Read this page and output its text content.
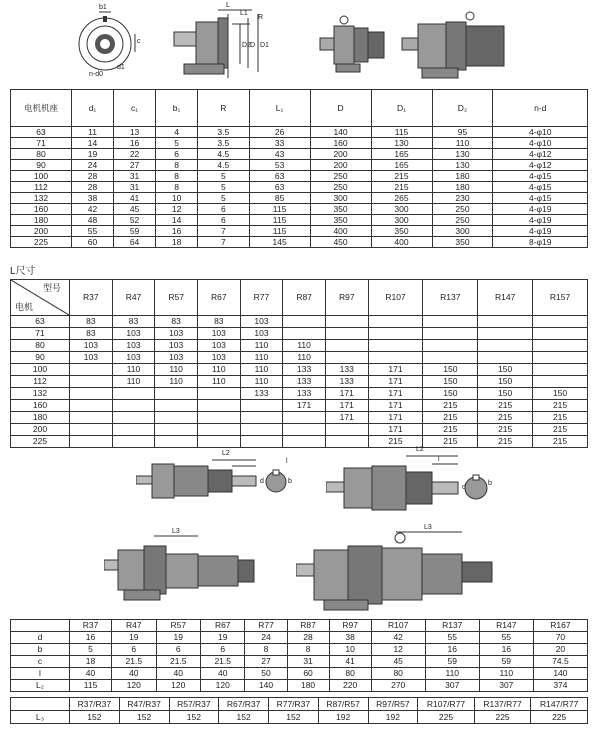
b1
c
d1
n-d0
L
L1
R
D2 D D1
电机机座	d₁	c₁	b₁	R	L₁	D	D₁	D₂	n-d
63	11	13	4	3.5	26	140	115	95	4-φ10
71	14	16	5	3.5	33	160	130	110	4-φ10
80	19	22	6	4.5	43	200	165	130	4-φ12
90	24	27	8	4.5	53	200	165	130	4-φ12
100	28	31	8	5	63	250	215	180	4-φ15
112	28	31	8	5	63	250	215	180	4-φ15
132	38	41	10	5	85	300	265	230	4-φ15
160	42	45	12	6	115	350	300	250	4-φ19
180	48	52	14	6	115	350	300	250	4-φ19
200	55	59	16	7	115	400	350	300	4-φ19
225	60	64	18	7	145	450	400	350	8-φ19
L尺寸
型号
电机	R37	R47	R57	R67	R77	R87	R97	R107	R137	R147	R157
63	83	83	83	83	103						
71	83	103	103	103	103						
80	103	103	103	103	110	110					
90	103	103	103	103	110	110					
100		110	110	110	110	133	133	171	150	150	
112		110	110	110	110	133	133	171	150	150	
132					133	133	171	171	150	150	150
160						171	171	171	215	215	215
180							171	171	215	215	215
200								171	215	215	215
225								215	215	215	215
L2
l
d	b
L2
l
d
b
L3
L3
	R37	R47	R57	R67	R77	R87	R97	R107	R137	R147	R167
d	16	19	19	19	24	28	38	42	55	55	70
b	5	6	6	6	8	8	10	12	16	16	20
c	18	21.5	21.5	21.5	27	31	41	45	59	59	74.5
l	40	40	40	40	50	60	80	80	110	110	140
L₂	115	120	120	120	140	180	220	270	307	307	374
	R37/R37	R47/R37	R57/R37	R67/R37	R77/R37	R87/R57	R97/R57	R107/R77	R137/R77	R147/R77
L₃	152	152	152	152	152	192	192	225	225	225
